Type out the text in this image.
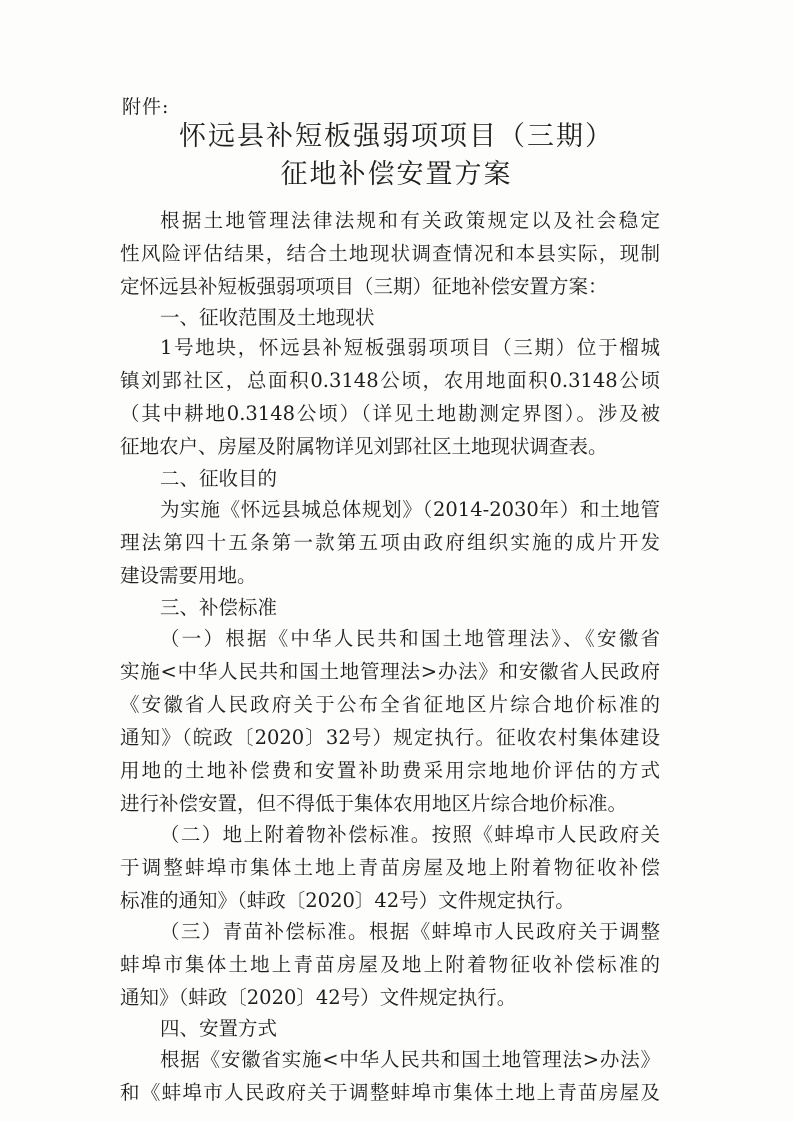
附件:
怀远县补短板强弱项项目（三期）
征地补偿安置方案
根据土地管理法律法规和有关政策规定以及社会稳定
性风险评估结果，结合土地现状调查情况和本县实际，现制
定怀远县补短板强弱项项目（三期）征地补偿安置方案：
一、征收范围及土地现状
1号地块，怀远县补短板强弱项项目（三期）位于榴城
镇刘郢社区，总面积0.3148公顷，农用地面积0.3148公顷
（其中耕地0.3148公顷）（详见土地勘测定界图）。涉及被
征地农户、房屋及附属物详见刘郢社区土地现状调查表。
二、征收目的
为实施《怀远县城总体规划》（2014-2030年）和土地管
理法第四十五条第一款第五项由政府组织实施的成片开发
建设需要用地。
三、补偿标准
（一）根据《中华人民共和国土地管理法》、《安徽省
实施<中华人民共和国土地管理法>办法》和安徽省人民政府
《安徽省人民政府关于公布全省征地区片综合地价标准的
通知》（皖政〔2020〕32号）规定执行。征收农村集体建设
用地的土地补偿费和安置补助费采用宗地地价评估的方式
进行补偿安置，但不得低于集体农用地区片综合地价标准。
（二）地上附着物补偿标准。按照《蚌埠市人民政府关
于调整蚌埠市集体土地上青苗房屋及地上附着物征收补偿
标准的通知》（蚌政〔2020〕42号）文件规定执行。
（三）青苗补偿标准。根据《蚌埠市人民政府关于调整
蚌埠市集体土地上青苗房屋及地上附着物征收补偿标准的
通知》（蚌政〔2020〕42号）文件规定执行。
四、安置方式
根据《安徽省实施<中华人民共和国土地管理法>办法》
和《蚌埠市人民政府关于调整蚌埠市集体土地上青苗房屋及
